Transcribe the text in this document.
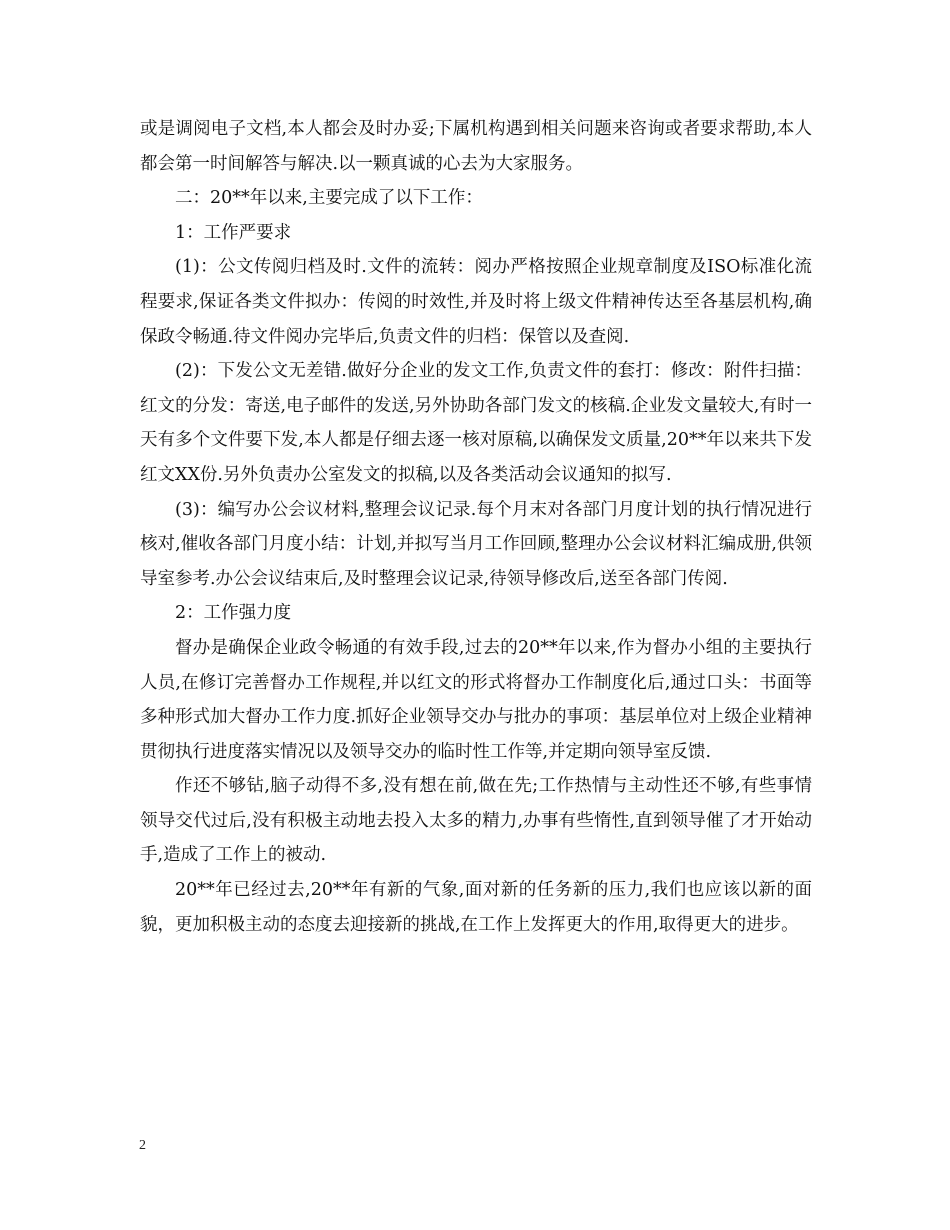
或是调阅电子文档,本人都会及时办妥;下属机构遇到相关问题来咨询或者要求帮助,本人都会第一时间解答与解决.以一颗真诚的心去为大家服务。

二：20**年以来,主要完成了以下工作：

1：工作严要求

(1)：公文传阅归档及时.文件的流转：阅办严格按照企业规章制度及ISO标准化流程要求,保证各类文件拟办：传阅的时效性,并及时将上级文件精神传达至各基层机构,确保政令畅通.待文件阅办完毕后,负责文件的归档：保管以及查阅.

(2)：下发公文无差错.做好分企业的发文工作,负责文件的套打：修改：附件扫描：红文的分发：寄送,电子邮件的发送,另外协助各部门发文的核稿.企业发文量较大,有时一天有多个文件要下发,本人都是仔细去逐一核对原稿,以确保发文质量,20**年以来共下发红文XX份.另外负责办公室发文的拟稿,以及各类活动会议通知的拟写.

(3)：编写办公会议材料,整理会议记录.每个月末对各部门月度计划的执行情况进行核对,催收各部门月度小结：计划,并拟写当月工作回顾,整理办公会议材料汇编成册,供领导室参考.办公会议结束后,及时整理会议记录,待领导修改后,送至各部门传阅.

2：工作强力度

督办是确保企业政令畅通的有效手段,过去的20**年以来,作为督办小组的主要执行人员,在修订完善督办工作规程,并以红文的形式将督办工作制度化后,通过口头：书面等多种形式加大督办工作力度.抓好企业领导交办与批办的事项：基层单位对上级企业精神贯彻执行进度落实情况以及领导交办的临时性工作等,并定期向领导室反馈.

作还不够钻,脑子动得不多,没有想在前,做在先;工作热情与主动性还不够,有些事情领导交代过后,没有积极主动地去投入太多的精力,办事有些惰性,直到领导催了才开始动手,造成了工作上的被动.

20**年已经过去,20**年有新的气象,面对新的任务新的压力,我们也应该以新的面貌，更加积极主动的态度去迎接新的挑战,在工作上发挥更大的作用,取得更大的进步。

2
